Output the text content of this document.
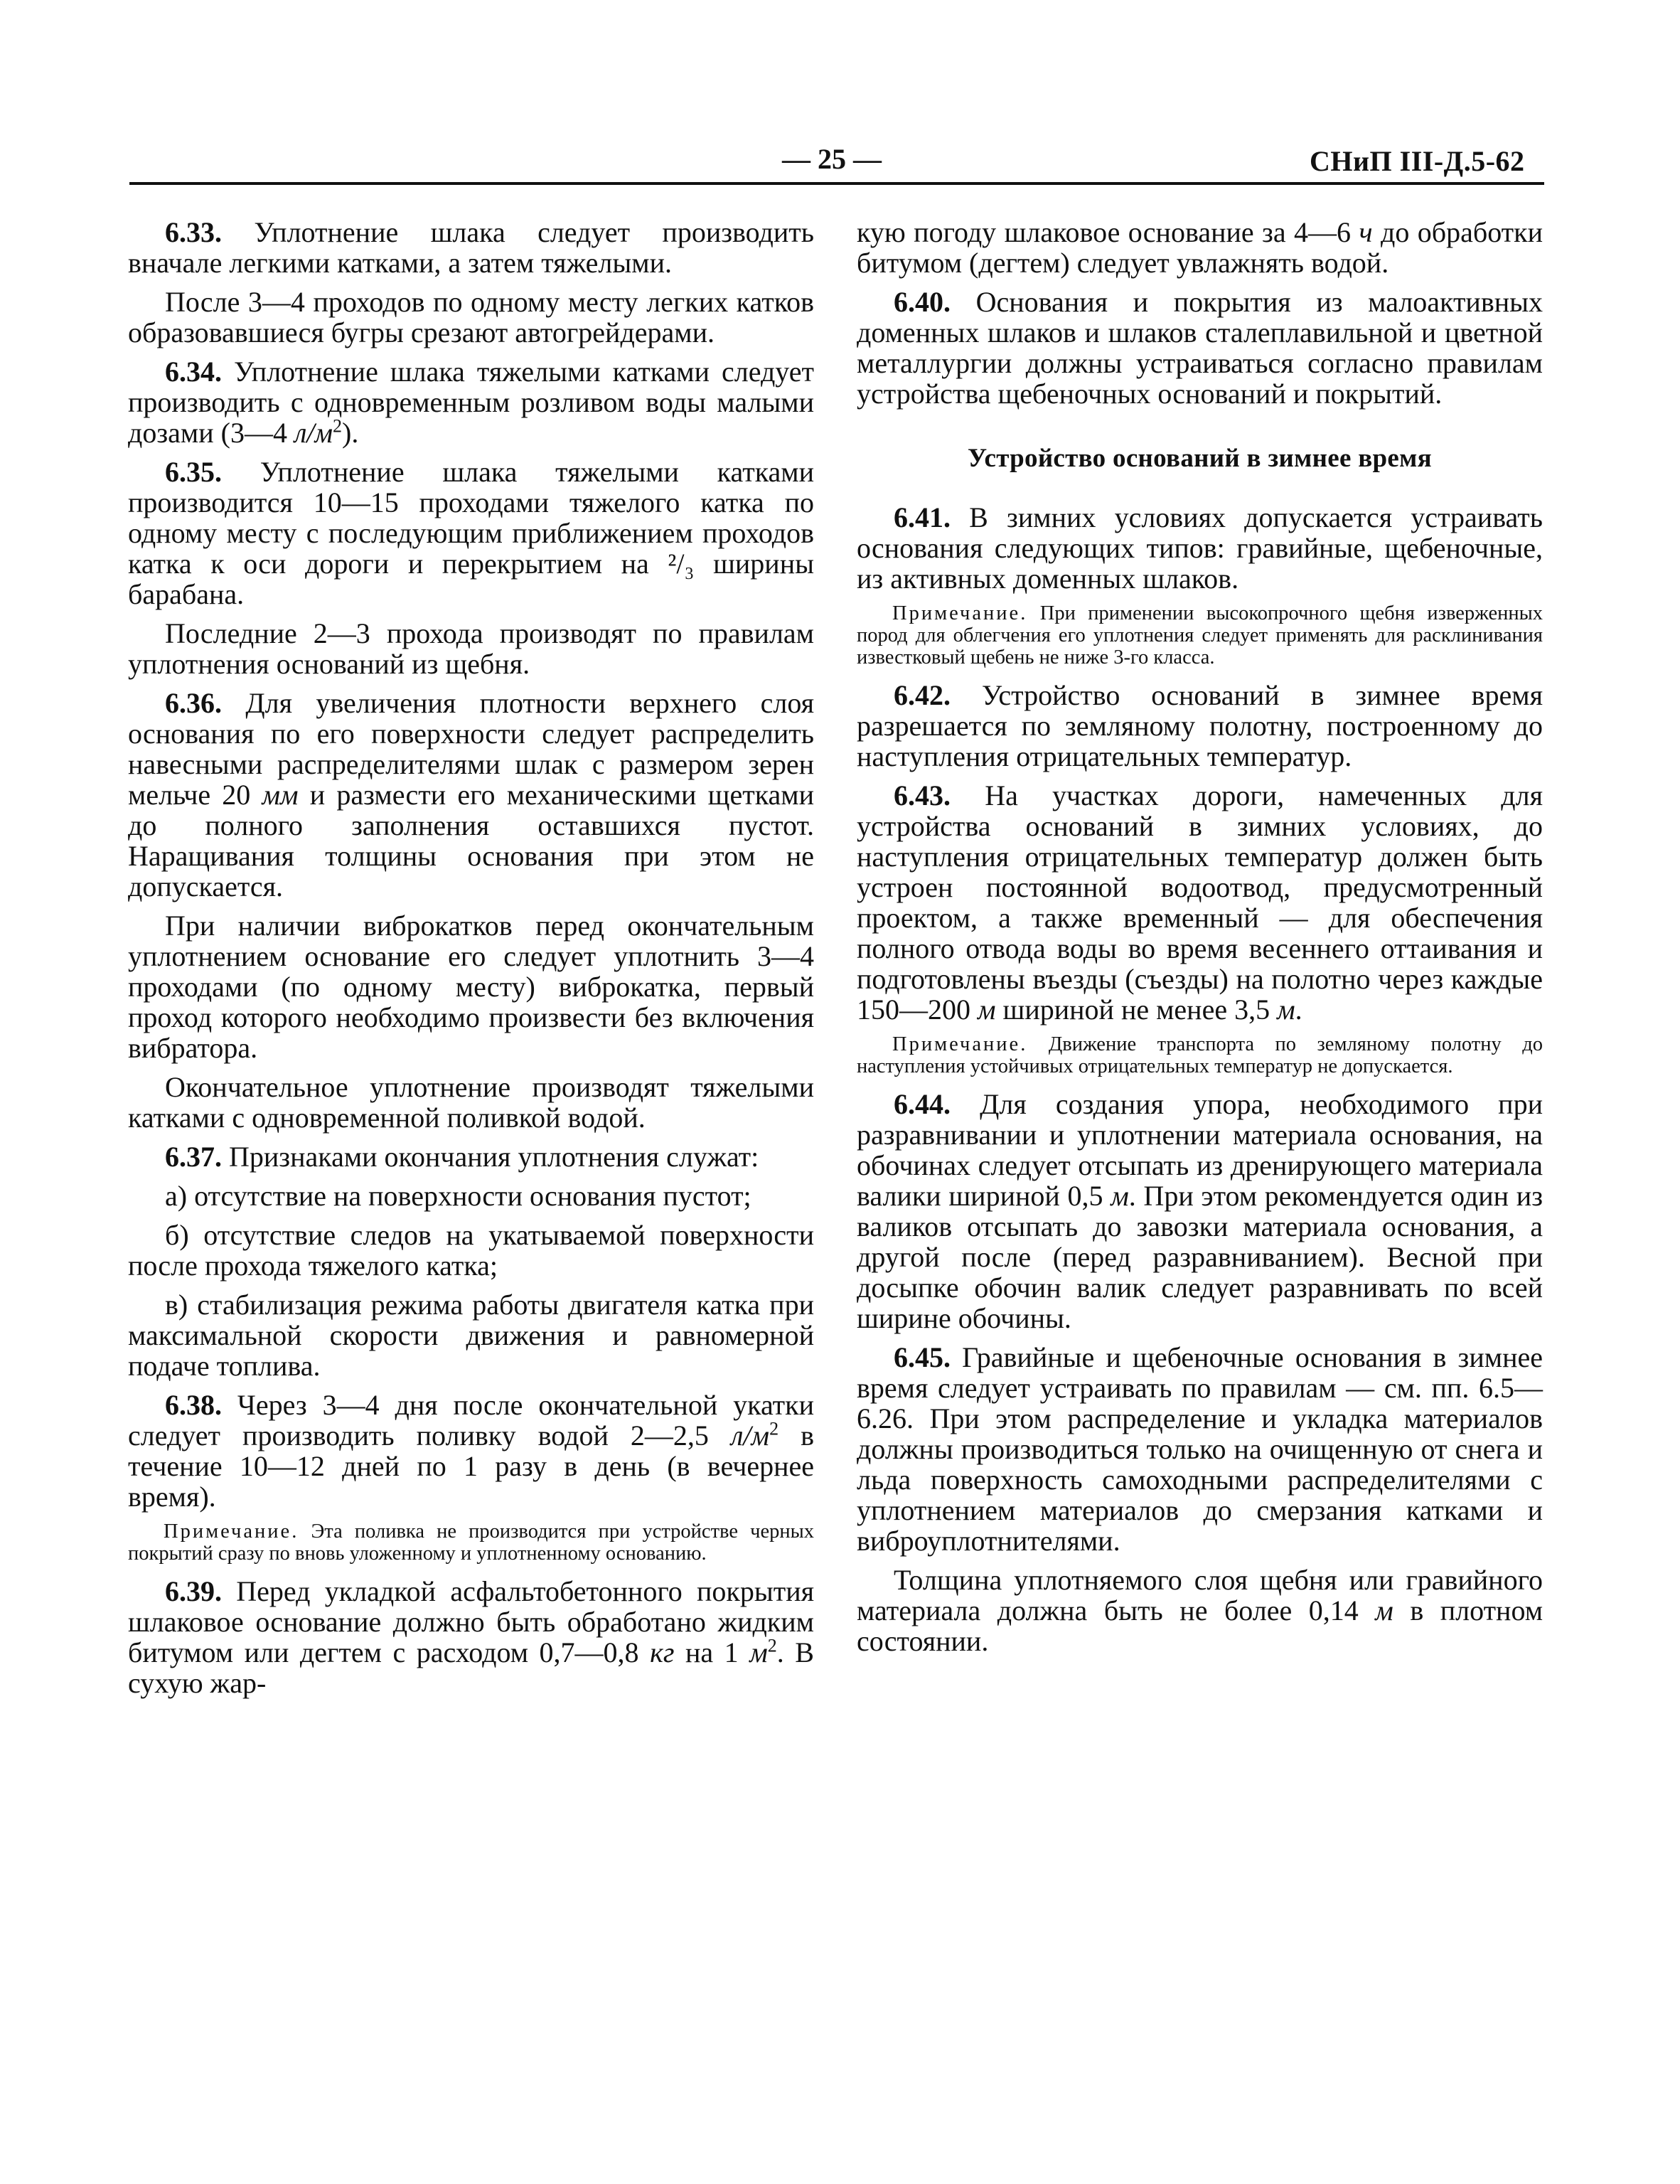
— 25 —	СНиП III-Д.5-62

6.33. Уплотнение шлака следует производить вначале легкими катками, а затем тяжелыми.

После 3—4 проходов по одному месту легких катков образовавшиеся бугры срезают автогрейдерами.

6.34. Уплотнение шлака тяжелыми катками следует производить с одновременным розливом воды малыми дозами (3—4 $л/м^2$).

6.35. Уплотнение шлака тяжелыми катками производится 10—15 проходами тяжелого катка по одному месту с последующим приближением проходов катка к оси дороги и перекрытием на ²/₃ ширины барабана.

Последние 2—3 прохода производят по правилам уплотнения оснований из щебня.

6.36. Для увеличения плотности верхнего слоя основания по его поверхности следует распределить навесными распределителями шлак с размером зерен мельче 20 мм и размести его механическими щетками до полного заполнения оставшихся пустот. Наращивания толщины основания при этом не допускается.

При наличии виброкатков перед окончательным уплотнением основание его следует уплотнить 3—4 проходами (по одному месту) виброкатка, первый проход которого необходимо произвести без включения вибратора.

Окончательное уплотнение производят тяжелыми катками с одновременной поливкой водой.

6.37. Признаками окончания уплотнения служат:

а) отсутствие на поверхности основания пустот;

б) отсутствие следов на укатываемой поверхности после прохода тяжелого катка;

в) стабилизация режима работы двигателя катка при максимальной скорости движения и равномерной подаче топлива.

6.38. Через 3—4 дня после окончательной укатки следует производить поливку водой 2—2,5 $л/м^2$ в течение 10—12 дней по 1 разу в день (в вечернее время).

Примечание. Эта поливка не производится при устройстве черных покрытий сразу по вновь уложенному и уплотненному основанию.

6.39. Перед укладкой асфальтобетонного покрытия шлаковое основание должно быть обработано жидким битумом или дегтем с расходом 0,7—0,8 кг на 1 $м^2$. В сухую жар-

кую погоду шлаковое основание за 4—6 ч до обработки битумом (дегтем) следует увлажнять водой.

6.40. Основания и покрытия из малоактивных доменных шлаков и шлаков сталеплавильной и цветной металлургии должны устраиваться согласно правилам устройства щебеночных оснований и покрытий.

Устройство оснований в зимнее время

6.41. В зимних условиях допускается устраивать основания следующих типов: гравийные, щебеночные, из активных доменных шлаков.

Примечание. При применении высокопрочного щебня изверженных пород для облегчения его уплотнения следует применять для расклинивания известковый щебень не ниже 3-го класса.

6.42. Устройство оснований в зимнее время разрешается по земляному полотну, построенному до наступления отрицательных температур.

6.43. На участках дороги, намеченных для устройства оснований в зимних условиях, до наступления отрицательных температур должен быть устроен постоянной водоотвод, предусмотренный проектом, а также временный — для обеспечения полного отвода воды во время весеннего оттаивания и подготовлены въезды (съезды) на полотно через каждые 150—200 м шириной не менее 3,5 м.

Примечание. Движение транспорта по земляному полотну до наступления устойчивых отрицательных температур не допускается.

6.44. Для создания упора, необходимого при разравнивании и уплотнении материала основания, на обочинах следует отсыпать из дренирующего материала валики шириной 0,5 м. При этом рекомендуется один из валиков отсыпать до завозки материала основания, а другой после (перед разравниванием). Весной при досыпке обочин валик следует разравнивать по всей ширине обочины.

6.45. Гравийные и щебеночные основания в зимнее время следует устраивать по правилам — см. пп. 6.5—6.26. При этом распределение и укладка материалов должны производиться только на очищенную от снега и льда поверхность самоходными распределителями с уплотнением материалов до смерзания катками и виброуплотнителями.

Толщина уплотняемого слоя щебня или гравийного материала должна быть не более 0,14 м в плотном состоянии.
